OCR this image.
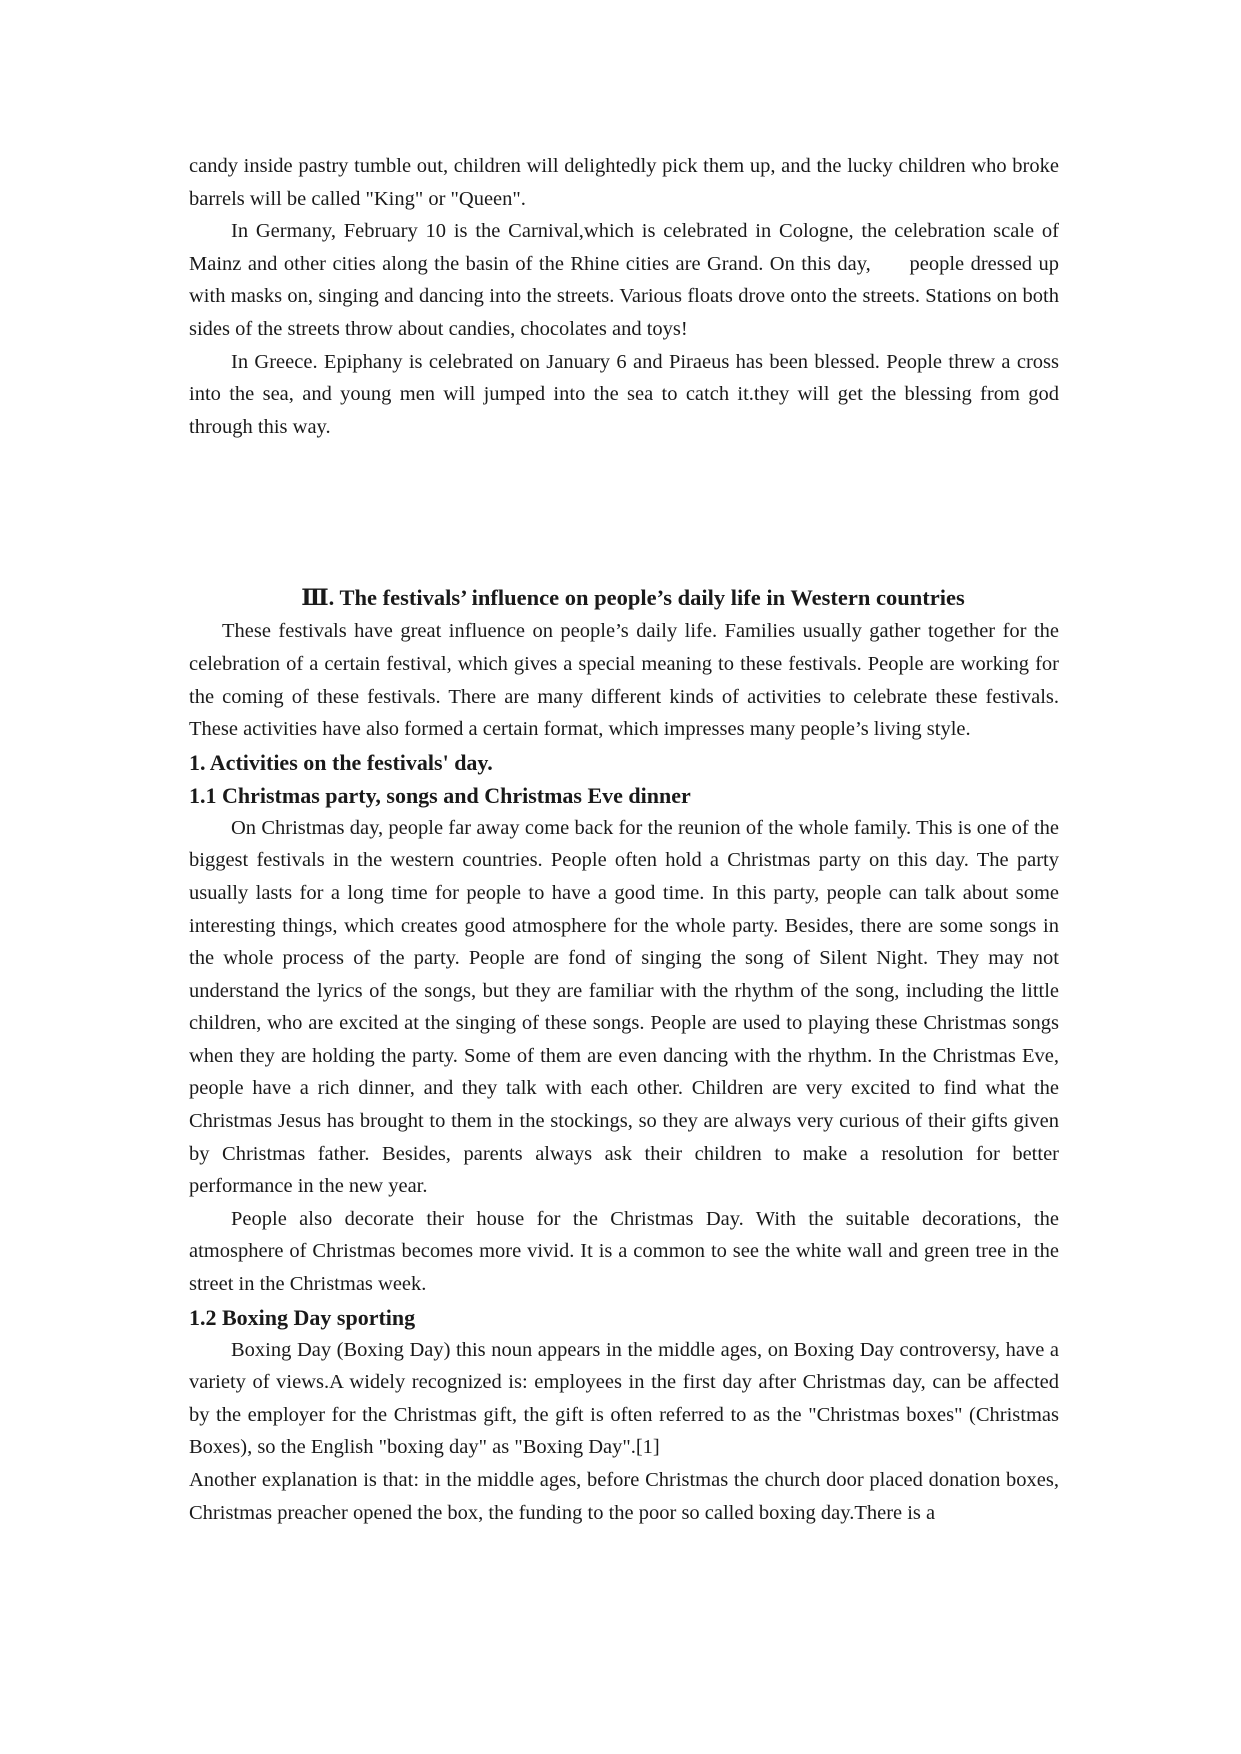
candy inside pastry tumble out, children will delightedly pick them up, and the lucky children who broke barrels will be called "King" or "Queen".

In Germany, February 10 is the Carnival,which is celebrated in Cologne, the celebration scale of Mainz and other cities along the basin of the Rhine cities are Grand. On this day,      people dressed up with masks on, singing and dancing into the streets. Various floats drove onto the streets. Stations on both sides of the streets throw about candies, chocolates and toys!

In Greece. Epiphany is celebrated on January 6 and Piraeus has been blessed. People threw a cross into the sea, and young men will jumped into the sea to catch it.they will get the blessing from god through this way.

Ⅲ. The festivals’ influence on people’s daily life in Western countries

These festivals have great influence on people’s daily life. Families usually gather together for the celebration of a certain festival, which gives a special meaning to these festivals. People are working for the coming of these festivals. There are many different kinds of activities to celebrate these festivals. These activities have also formed a certain format, which impresses many people’s living style.

1. Activities on the festivals' day.
1.1 Christmas party, songs and Christmas Eve dinner

On Christmas day, people far away come back for the reunion of the whole family. This is one of the biggest festivals in the western countries. People often hold a Christmas party on this day. The party usually lasts for a long time for people to have a good time. In this party, people can talk about some interesting things, which creates good atmosphere for the whole party. Besides, there are some songs in the whole process of the party. People are fond of singing the song of Silent Night. They may not understand the lyrics of the songs, but they are familiar with the rhythm of the song, including the little children, who are excited at the singing of these songs. People are used to playing these Christmas songs when they are holding the party. Some of them are even dancing with the rhythm. In the Christmas Eve, people have a rich dinner, and they talk with each other. Children are very excited to find what the Christmas Jesus has brought to them in the stockings, so they are always very curious of their gifts given by Christmas father. Besides, parents always ask their children to make a resolution for better performance in the new year.

People also decorate their house for the Christmas Day. With the suitable decorations, the atmosphere of Christmas becomes more vivid. It is a common to see the white wall and green tree in the street in the Christmas week.

1.2 Boxing Day sporting

Boxing Day (Boxing Day) this noun appears in the middle ages, on Boxing Day controversy, have a variety of views.A widely recognized is: employees in the first day after Christmas day, can be affected by the employer for the Christmas gift, the gift is often referred to as the "Christmas boxes" (Christmas Boxes), so the English "boxing day" as "Boxing Day".[1]

Another explanation is that: in the middle ages, before Christmas the church door placed donation boxes, Christmas preacher opened the box, the funding to the poor so called boxing day.There is a
